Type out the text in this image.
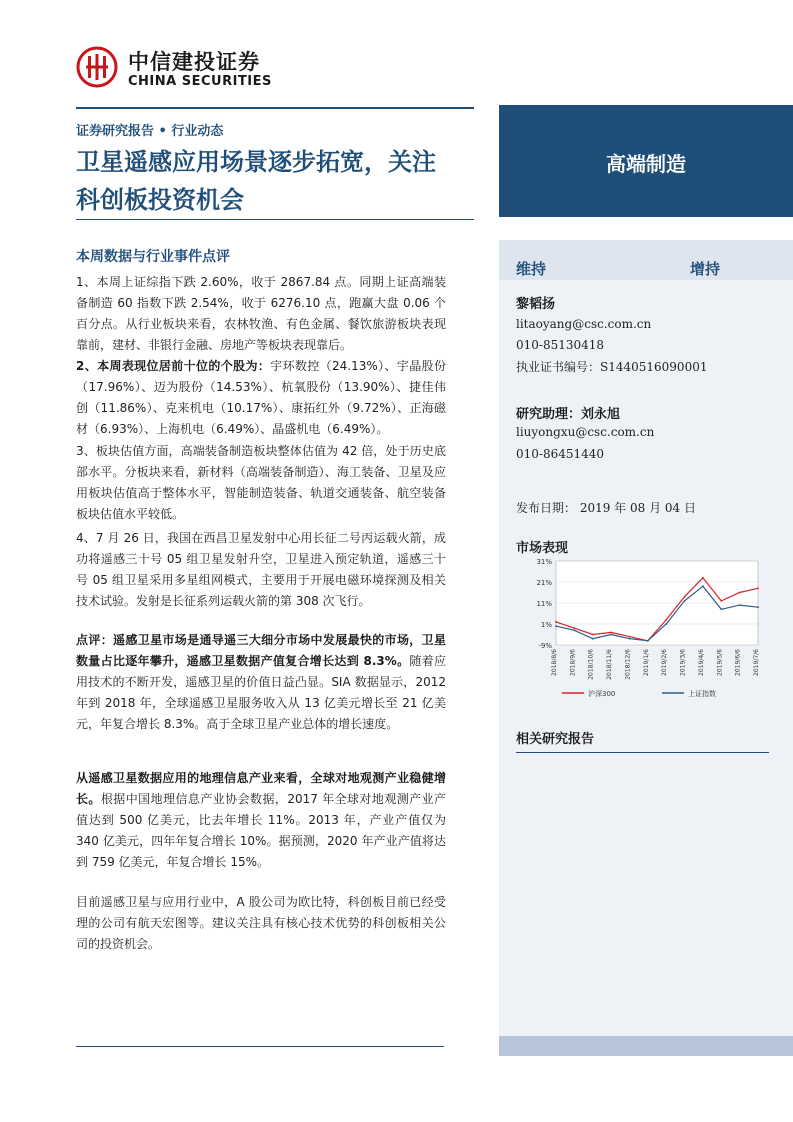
中信建投证券
CHINA SECURITIES
证券研究报告 • 行业动态
卫星遥感应用场景逐步拓宽，关注
科创板投资机会
高端制造
维持	增持
黎韬扬
litaoyang@csc.com.cn
010-85130418
执业证书编号：S1440516090001
研究助理：刘永旭
liuyongxu@csc.com.cn
010-86451440
发布日期： 2019 年 08 月 04 日
市场表现
31%
21%
11%
1%
-9%
2018/8/6 2018/9/6 2018/10/6 2018/11/6 2018/12/6 2019/1/6 2019/2/6 2019/3/6 2019/4/6 2019/5/6 2019/6/6 2019/7/6
沪深300	上证指数
相关研究报告
本周数据与行业事件点评
1、本周上证综指下跌 2.60%，收于 2867.84 点。同期上证高端装备制造 60 指数下跌 2.54%，收于 6276.10 点，跑赢大盘 0.06 个百分点。从行业板块来看，农林牧渔、有色金属、餐饮旅游板块表现靠前，建材、非银行金融、房地产等板块表现靠后。
2、本周表现位居前十位的个股为：宇环数控（24.13%）、宇晶股份（17.96%）、迈为股份（14.53%）、杭氧股份（13.90%）、捷佳伟创（11.86%）、克来机电（10.17%）、康拓红外（9.72%）、正海磁材（6.93%）、上海机电（6.49%）、晶盛机电（6.49%）。
3、板块估值方面，高端装备制造板块整体估值为 42 倍，处于历史底部水平。分板块来看，新材料（高端装备制造）、海工装备、卫星及应用板块估值高于整体水平，智能制造装备、轨道交通装备、航空装备板块估值水平较低。
4、7 月 26 日，我国在西昌卫星发射中心用长征二号丙运载火箭，成功将遥感三十号 05 组卫星发射升空，卫星进入预定轨道，遥感三十号 05 组卫星采用多星组网模式，主要用于开展电磁环境探测及相关技术试验。发射是长征系列运载火箭的第 308 次飞行。
点评：遥感卫星市场是通导遥三大细分市场中发展最快的市场，卫星数量占比逐年攀升，遥感卫星数据产值复合增长达到 8.3%。随着应用技术的不断开发，遥感卫星的价值日益凸显。SIA 数据显示，2012 年到 2018 年，全球遥感卫星服务收入从 13 亿美元增长至 21 亿美元，年复合增长 8.3%。高于全球卫星产业总体的增长速度。
从遥感卫星数据应用的地理信息产业来看，全球对地观测产业稳健增长。根据中国地理信息产业协会数据，2017 年全球对地观测产业产值达到 500 亿美元，比去年增长 11%。2013 年，产业产值仅为 340 亿美元，四年年复合增长 10%。据预测，2020 年产业产值将达到 759 亿美元，年复合增长 15%。
目前遥感卫星与应用行业中，A 股公司为欧比特，科创板目前已经受理的公司有航天宏图等。建议关注具有核心技术优势的科创板相关公司的投资机会。
